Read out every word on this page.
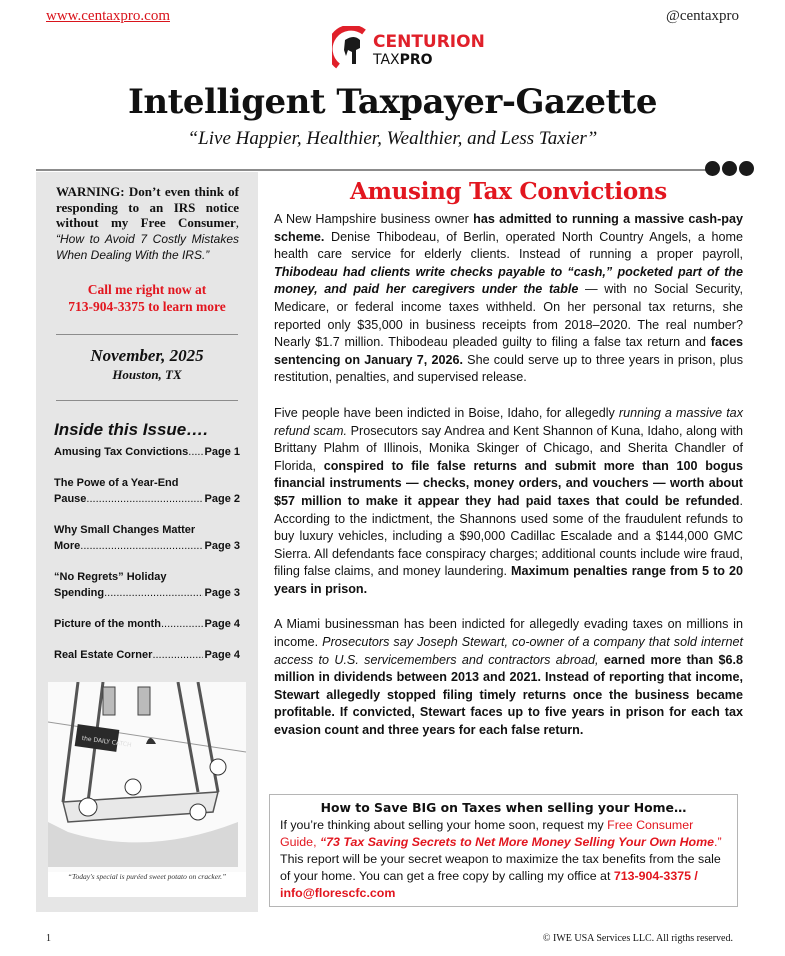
www.centaxpro.com	@centaxpro
CENTURION
TAXPRO
Intelligent Taxpayer-Gazette
“Live Happier, Healthier, Wealthier, and Less Taxier”
WARNING: Don’t even think of responding to an IRS notice without my Free Consumer, “How to Avoid 7 Costly Mistakes When Dealing With the IRS.”
Call me right now at
713-904-3375 to learn more
November, 2025
Houston, TX
Inside this Issue….
Amusing Tax Convictions ..... Page 1
The Powe of a Year-End
Pause .....	Page 2
Why Small Changes Matter
More .....	Page 3
“No Regrets” Holiday
Spending .....	Page 3
Picture of the month .....	Page 4
Real Estate Corner .....	Page 4
the DAILY CATCH
“Today's special is puréed sweet potato on cracker.”
Amusing Tax Convictions

A New Hampshire business owner has admitted to running a massive cash-pay scheme. Denise Thibodeau, of Berlin, operated North Country Angels, a home health care service for elderly clients. Instead of running a proper payroll, Thibodeau had clients write checks payable to “cash,” pocketed part of the money, and paid her caregivers under the table — with no Social Security, Medicare, or federal income taxes withheld. On her personal tax returns, she reported only $35,000 in business receipts from 2018–2020. The real number? Nearly $1.7 million. Thibodeau pleaded guilty to filing a false tax return and faces sentencing on January 7, 2026. She could serve up to three years in prison, plus restitution, penalties, and supervised release.

Five people have been indicted in Boise, Idaho, for allegedly running a massive tax refund scam. Prosecutors say Andrea and Kent Shannon of Kuna, Idaho, along with Brittany Plahm of Illinois, Monika Skinger of Chicago, and Sherita Chandler of Florida, conspired to file false returns and submit more than 100 bogus financial instruments — checks, money orders, and vouchers — worth about $57 million to make it appear they had paid taxes that could be refunded. According to the indictment, the Shannons used some of the fraudulent refunds to buy luxury vehicles, including a $90,000 Cadillac Escalade and a $144,000 GMC Sierra. All defendants face conspiracy charges; additional counts include wire fraud, filing false claims, and money laundering. Maximum penalties range from 5 to 20 years in prison.

A Miami businessman has been indicted for allegedly evading taxes on millions in income. Prosecutors say Joseph Stewart, co-owner of a company that sold internet access to U.S. servicemembers and contractors abroad, earned more than $6.8 million in dividends between 2013 and 2021. Instead of reporting that income, Stewart allegedly stopped filing timely returns once the business became profitable. If convicted, Stewart faces up to five years in prison for each tax evasion count and three years for each false return.

How to Save BIG on Taxes when selling your Home…
If you’re thinking about selling your home soon, request my Free Consumer Guide, “73 Tax Saving Secrets to Net More Money Selling Your Own Home.” This report will be your secret weapon to maximize the tax benefits from the sale of your home. You can get a free copy by calling my office at 713-904-3375 / info@florescfc.com
1	© IWE USA Services LLC. All rigths reserved.
